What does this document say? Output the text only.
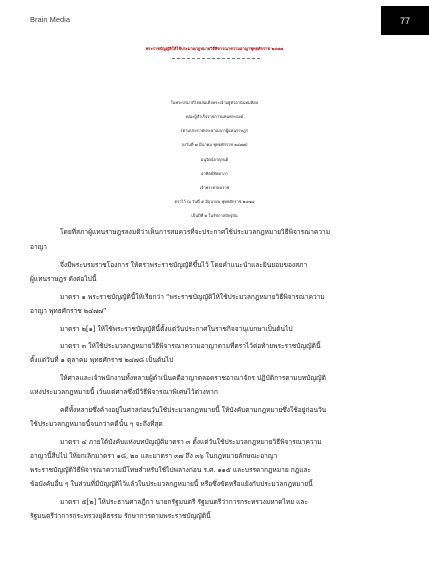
Brain Media	77
พระราชบัญญัติให้ใช้ประมวลกฎหมายวิธีพิจารณาความอาญาพุทธศักราช ๒๔๗๗
ในพระปรมาภิไธยสมเด็จพระเจ้าอยู่หัวอานันทมหิดล
คณะผู้สำเร็จราชการแทนพระองค์
(ตามประกาศประธานสภาผู้แทนราษฎร
ลงวันที่ ๗ มีนาคม พุทธศักราช ๒๔๗๗)
อนุวัตน์จาตุรนต์
อาทิตย์ทิพอาภา
เจ้าพระยายมราช
ตราไว้ ณ วันที่ ๕ มิถุนายน พุทธศักราช ๒๔๗๘
เป็นปีที่ ๒ ในรัชกาลปัจจุบัน
โดยที่สภาผู้แทนราษฎรลงมติว่าเห็นการสมควรที่จะประกาศใช้ประมวลกฎหมายวิธีพิจารณาความ
อาญา
จึ่งมีพระบรมราชโองการ ให้ตราพระราชบัญญัติขึ้นไว้ โดยคำแนะนำและยินยอมของสภา
ผู้แทนราษฎร ดังต่อไปนี้
มาตรา ๑ พระราชบัญญัตินี้ให้เรียกว่า “พระราชบัญญัติให้ใช้ประมวลกฎหมายวิธีพิจารณาความ
อาญา พุทธศักราช ๒๔๗๗”
มาตรา ๒[๑] ให้ใช้พระราชบัญญัตินี้ตั้งแต่วันประกาศในราชกิจจานุเบกษาเป็นต้นไป
มาตรา ๓ ให้ใช้ประมวลกฎหมายวิธีพิจารณาความอาญาตามที่ตราไว้ต่อท้ายพระราชบัญญัตินี้
ตั้งแต่วันที่ ๑ ตุลาคม พุทธศักราช ๒๔๗๘ เป็นต้นไป
ให้ศาลและเจ้าพนักงานทั้งหลายผู้ดำเนินคดีอาญาตลอดราชอาณาจักร ปฏิบัติการตามบทบัญญัติ
แห่งประมวลกฎหมายนี้ เว้นแต่ศาลซึ่งมีวิธีพิจารณาพิเศษไว้ต่างหาก
คดีทั้งหลายซึ่งค้างอยู่ในศาลก่อนวันใช้ประมวลกฎหมายนี้ ให้บังคับตามกฎหมายซึ่งใช้อยู่ก่อนวัน
ใช้ประมวลกฎหมายนี้จนกว่าคดีนั้น ๆ จะถึงที่สุด
มาตรา ๔ ภายใต้บังคับแห่งบทบัญญัติมาตรา ๓ ตั้งแต่วันใช้ประมวลกฎหมายวิธีพิจารณาความ
อาญานี้สืบไป ให้ยกเลิกมาตรา ๑๘, ๒๐ และมาตรา ๓๗ ถึง ๓๖ ในกฎหมายลักษณะอาญา
พระราชบัญญัติวิธีพิจารณาความมีโทษสำหรับใช้ไปพลางก่อน ร.ศ. ๑๑๕ และบรรดากฎหมาย กฎและ
ข้อบังคับอื่น ๆ ในส่วนที่มีบัญญัติไว้แล้วในประมวลกฎหมายนี้ หรือซึ่งขัดหรือแย้งกับประมวลกฎหมายนี้
มาตรา ๕[๒] ให้ประธานศาลฎีกา นายกรัฐมนตรี รัฐมนตรีว่าการกระทรวงมหาดไทย และ
รัฐมนตรีว่าการกระทรวงยุติธรรม รักษาการตามพระราชบัญญัตินี้
